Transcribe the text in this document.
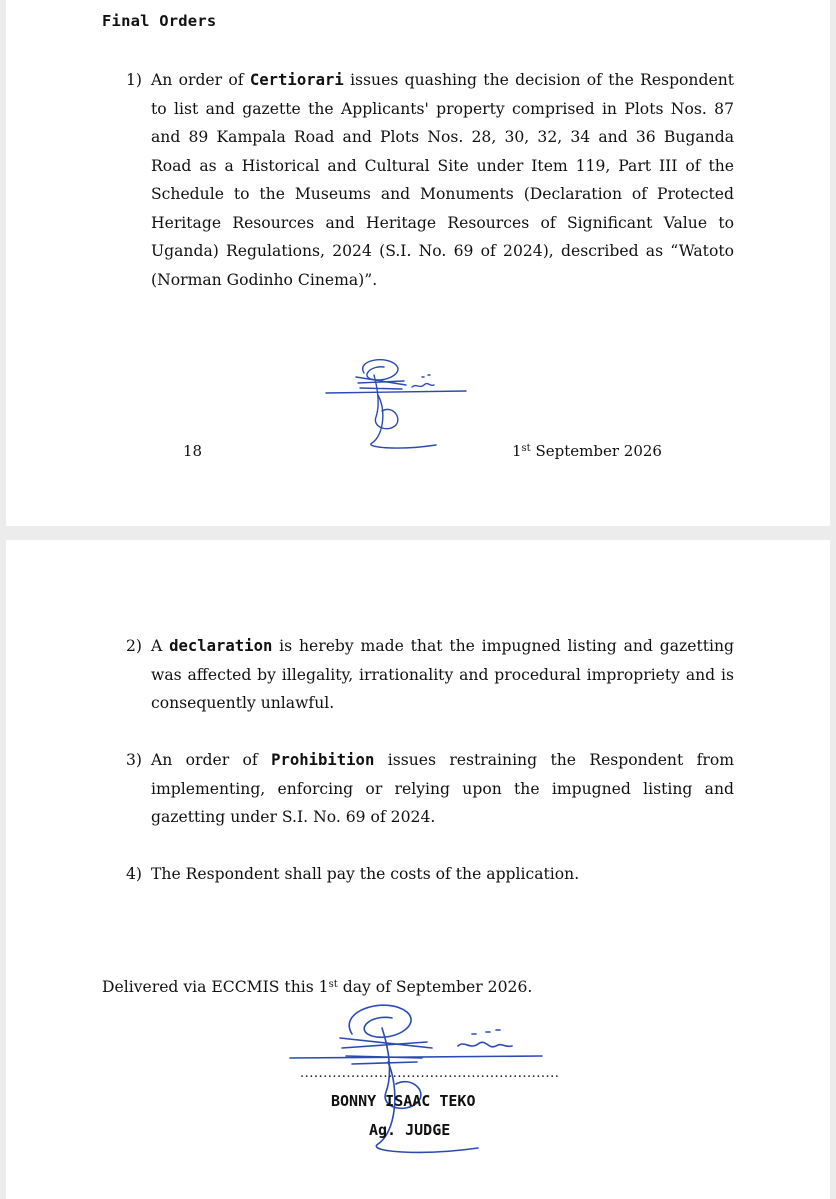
Final Orders
1) An order of Certiorari issues quashing the decision of the Respondent to list and gazette the Applicants' property comprised in Plots Nos. 87 and 89 Kampala Road and Plots Nos. 28, 30, 32, 34 and 36 Buganda Road as a Historical and Cultural Site under Item 119, Part III of the Schedule to the Museums and Monuments (Declaration of Protected Heritage Resources and Heritage Resources of Significant Value to Uganda) Regulations, 2024 (S.I. No. 69 of 2024), described as “Watoto (Norman Godinho Cinema)”.
18	1st September 2026
2) A declaration is hereby made that the impugned listing and gazetting was affected by illegality, irrationality and procedural impropriety and is consequently unlawful.
3) An order of Prohibition issues restraining the Respondent from implementing, enforcing or relying upon the impugned listing and gazetting under S.I. No. 69 of 2024.
4) The Respondent shall pay the costs of the application.
Delivered via ECCMIS this 1st day of September 2026.
........................................................
BONNY ISAAC TEKO
Ag. JUDGE
